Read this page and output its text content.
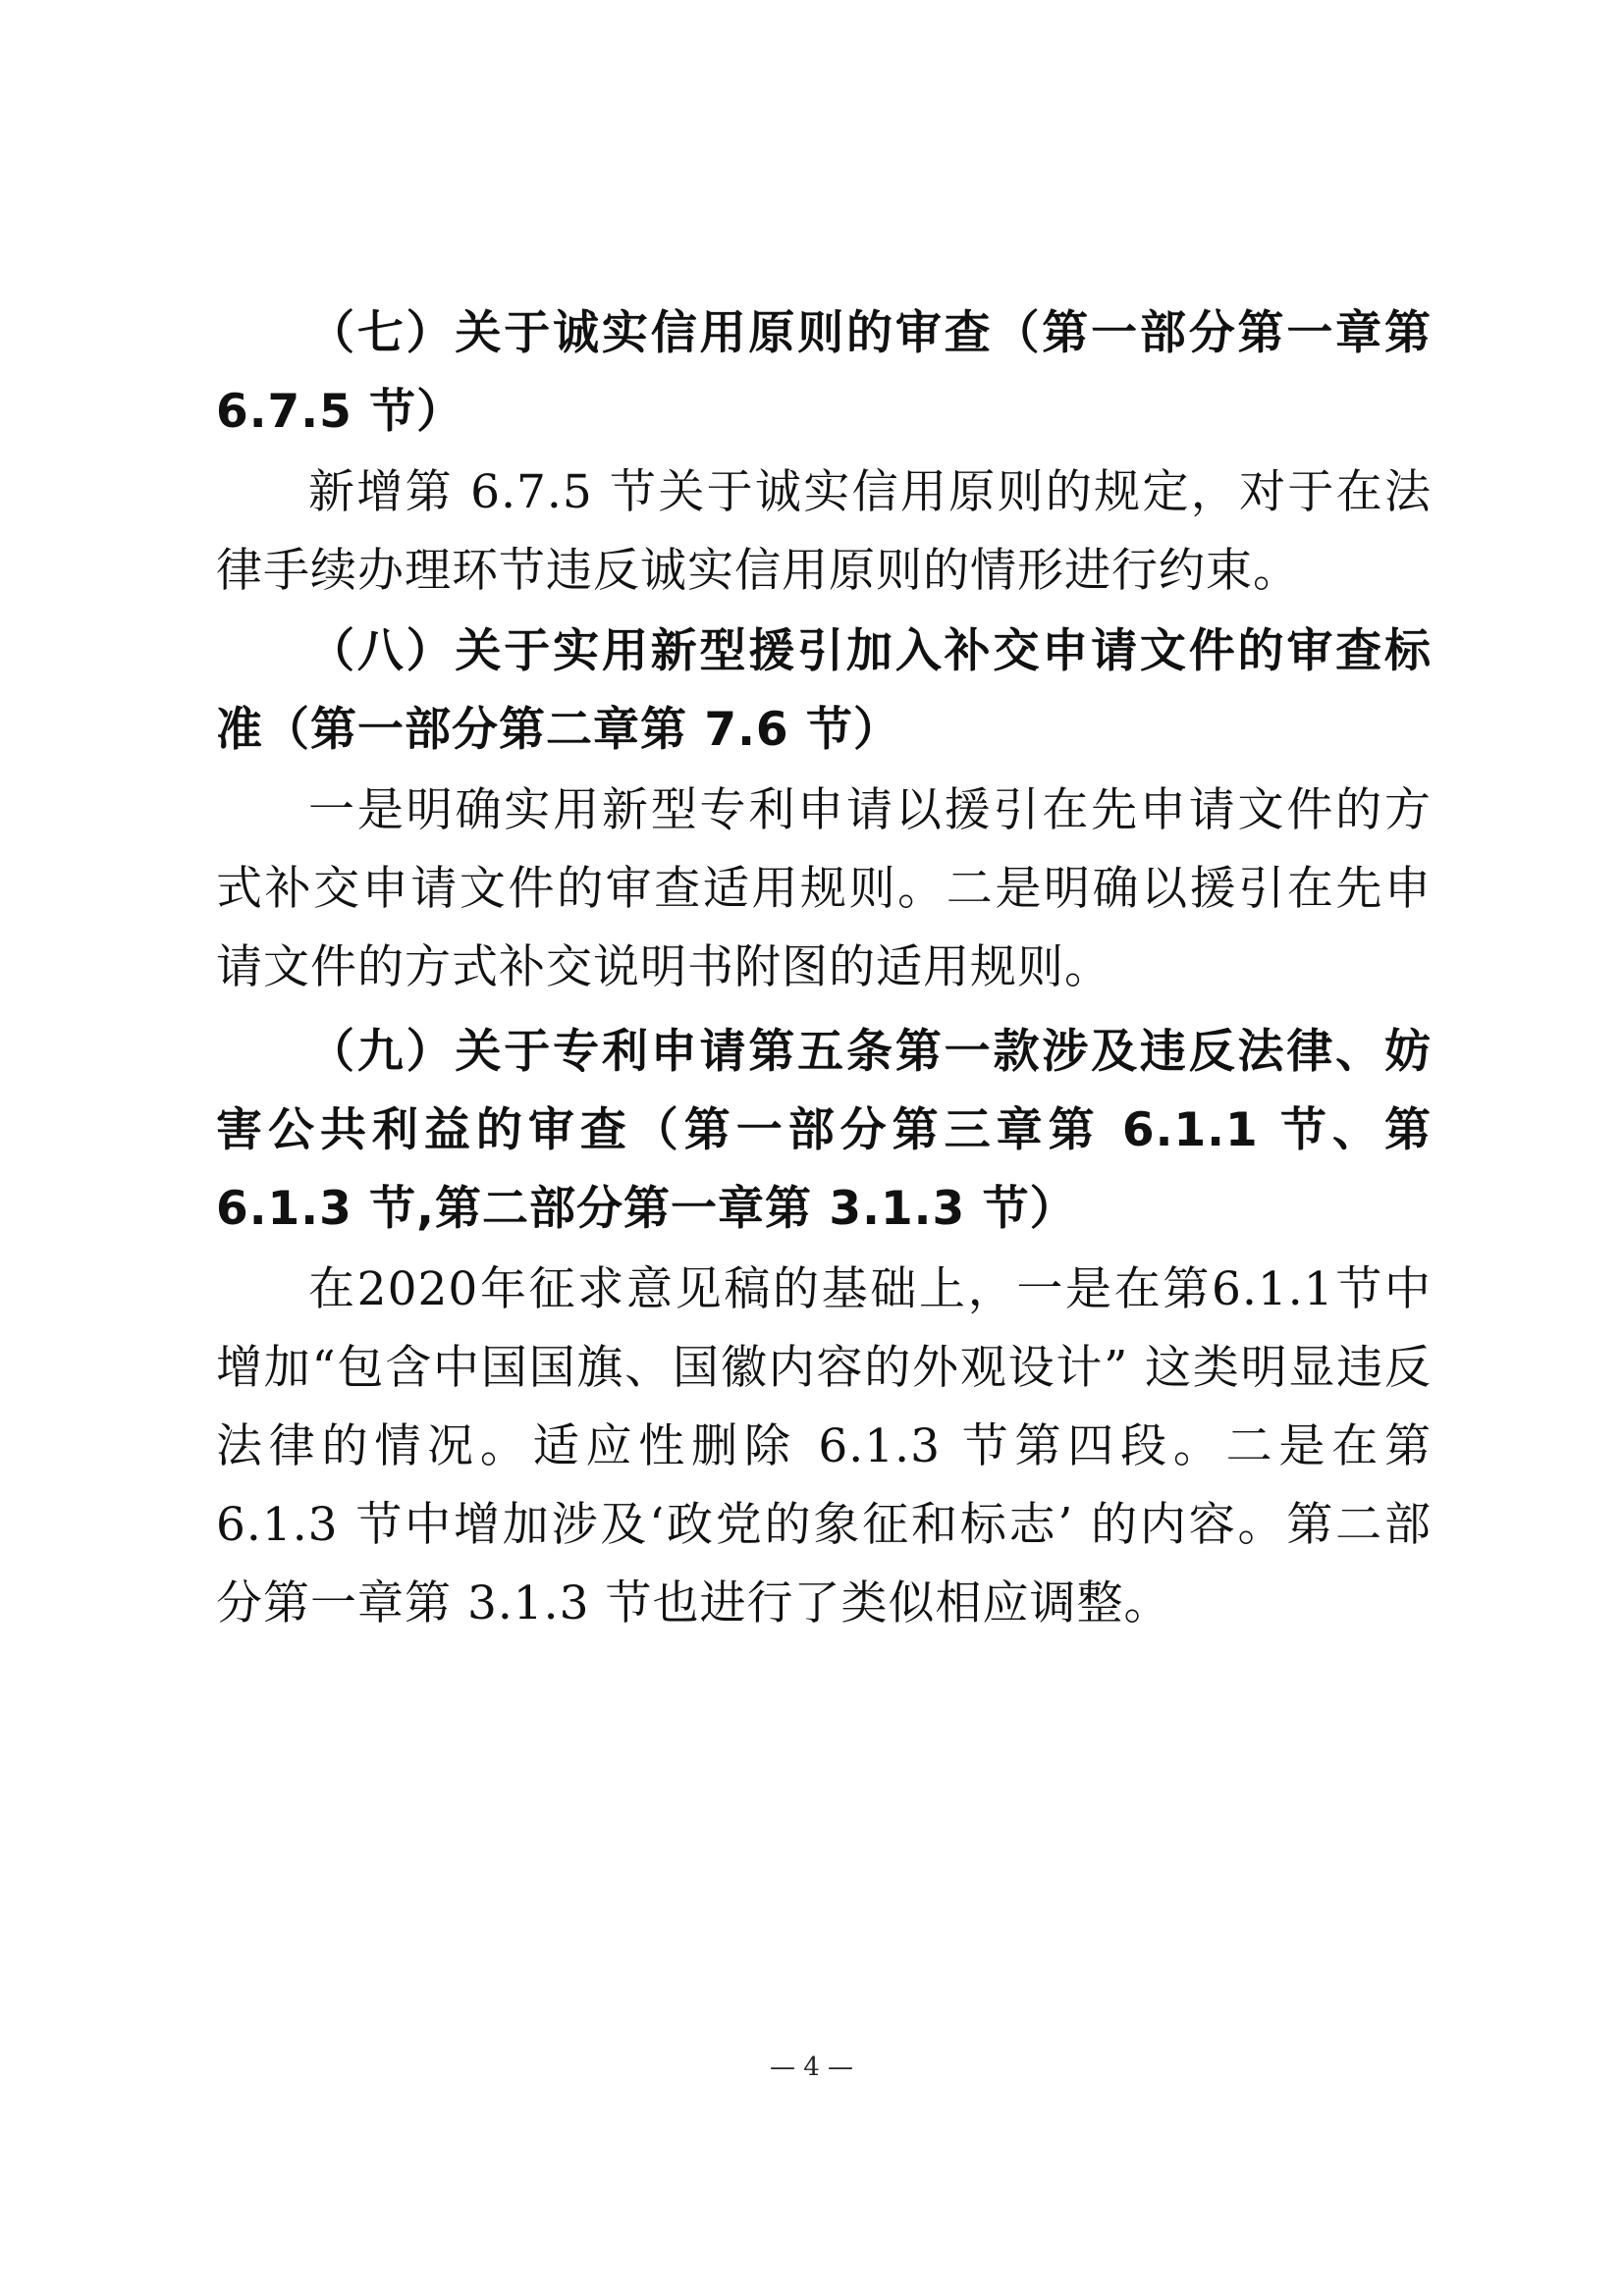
（七）关于诚实信用原则的审查（第一部分第一章第 6.7.5 节）

新增第 6.7.5 节关于诚实信用原则的规定，对于在法律手续办理环节违反诚实信用原则的情形进行约束。

（八）关于实用新型援引加入补交申请文件的审查标准（第一部分第二章第 7.6 节）

一是明确实用新型专利申请以援引在先申请文件的方式补交申请文件的审查适用规则。二是明确以援引在先申请文件的方式补交说明书附图的适用规则。

（九）关于专利申请第五条第一款涉及违反法律、妨害公共利益的审查（第一部分第三章第 6.1.1 节、第 6.1.3 节,第二部分第一章第 3.1.3 节）

在2020年征求意见稿的基础上，一是在第6.1.1节中增加“包含中国国旗、国徽内容的外观设计” 这类明显违反法律的情况。适应性删除 6.1.3 节第四段。二是在第 6.1.3 节中增加涉及‘政党的象征和标志’ 的内容。第二部分第一章第 3.1.3 节也进行了类似相应调整。

— 4 —
